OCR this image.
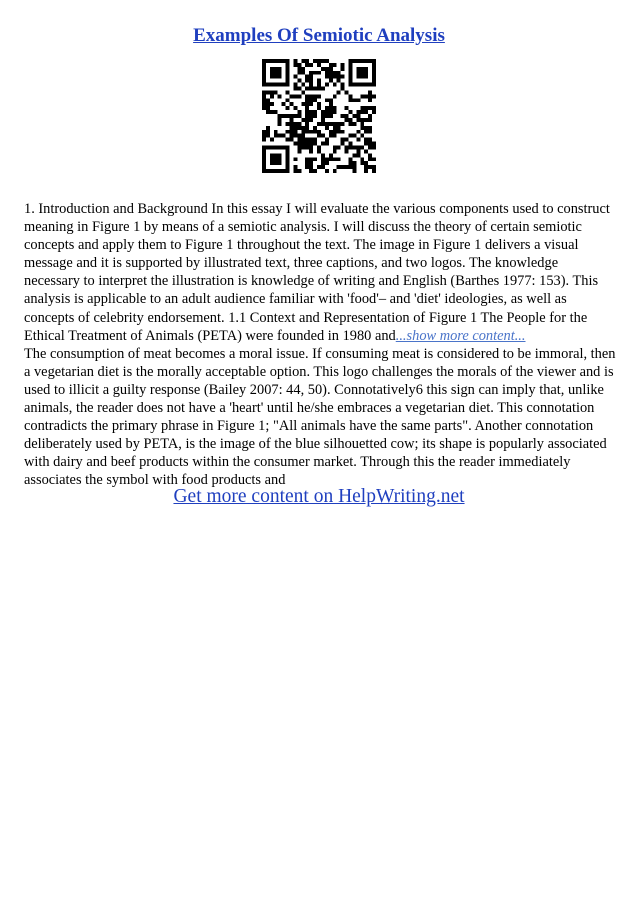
Examples Of Semiotic Analysis

1. Introduction and Background In this essay I will evaluate the various components used to construct meaning in Figure 1 by means of a semiotic analysis. I will discuss the theory of certain semiotic concepts and apply them to Figure 1 throughout the text. The image in Figure 1 delivers a visual message and it is supported by illustrated text, three captions, and two logos. The knowledge necessary to interpret the illustration is knowledge of writing and English (Barthes 1977: 153). This analysis is applicable to an adult audience familiar with 'food'– and 'diet' ideologies, as well as concepts of celebrity endorsement. 1.1 Context and Representation of Figure 1 The People for the Ethical Treatment of Animals (PETA) were founded in 1980 and...show more content...
The consumption of meat becomes a moral issue. If consuming meat is considered to be immoral, then a vegetarian diet is the morally acceptable option. This logo challenges the morals of the viewer and is used to illicit a guilty response (Bailey 2007: 44, 50). Connotatively6 this sign can imply that, unlike animals, the reader does not have a 'heart' until he/she embraces a vegetarian diet. This connotation contradicts the primary phrase in Figure 1; "All animals have the same parts". Another connotation deliberately used by PETA, is the image of the blue silhouetted cow; its shape is popularly associated with dairy and beef products within the consumer market. Through this the reader immediately associates the symbol with food products and

Get more content on HelpWriting.net
